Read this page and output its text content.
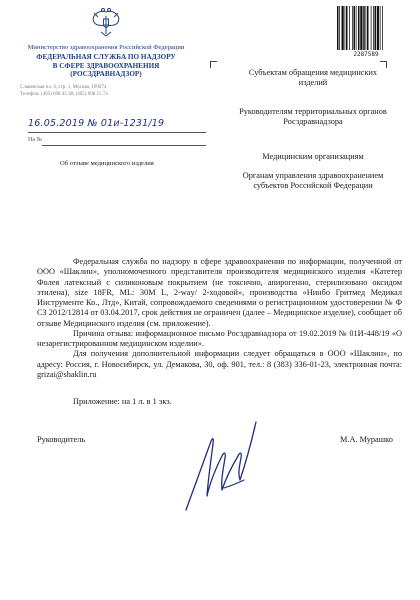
Министерство здравоохранения Российской Федерации
ФЕДЕРАЛЬНАЯ СЛУЖБА ПО НАДЗОРУ
В СФЕРЕ ЗДРАВООХРАНЕНИЯ
(РОСЗДРАВНАДЗОР)
Славянская пл. 4, стр. 1, Москва, 109074
Телефон: (495) 698 45 38; (495) 698 15 74
16.05.2019 № 01и-1231/19
На №
Об отзыве медицинского изделия
2287589
Субъектам обращения медицинских изделий
Руководителям территориальных органов Росздравнадзора
Медицинским организациям
Органам управления здравоохранением субъектов Российской Федерации

Федеральная служба по надзору в сфере здравоохранения по информации, полученной от ООО «Шаклин», уполномоченного представителя производителя медицинского изделия «Катетер Фолея латексный с силиконовым покрытием (не токсично, апирогенно, стерилизовано оксидом этилена), size 18FR, ML: 30M L, 2-way/ 2-ходовой», производства «Нинбо Гритмед Медикал Инструменте Ко., Лтд», Китай, сопровождаемого сведениями о регистрационном удостоверении № Ф СЗ 2012/12814 от 03.04.2017, срок действия не ограничен (далее – Медицинское изделие), сообщает об отзыве Медицинского изделия (см. приложение).

Причина отзыва: информационное письмо Росздравнадзора от 19.02.2019 № 01И-448/19 «О незарегистрированном медицинском изделии».

Для получения дополнительной информации следует обращаться в ООО «Шаклин», по адресу: Россия, г. Новосибирск, ул. Демакова, 30, оф. 901, тел.: 8 (383) 336-01-23, электронная почта: grizai@shaklin.ru

Приложение: на 1 л. в 1 экз.
Руководитель	М.А. Мурашко
